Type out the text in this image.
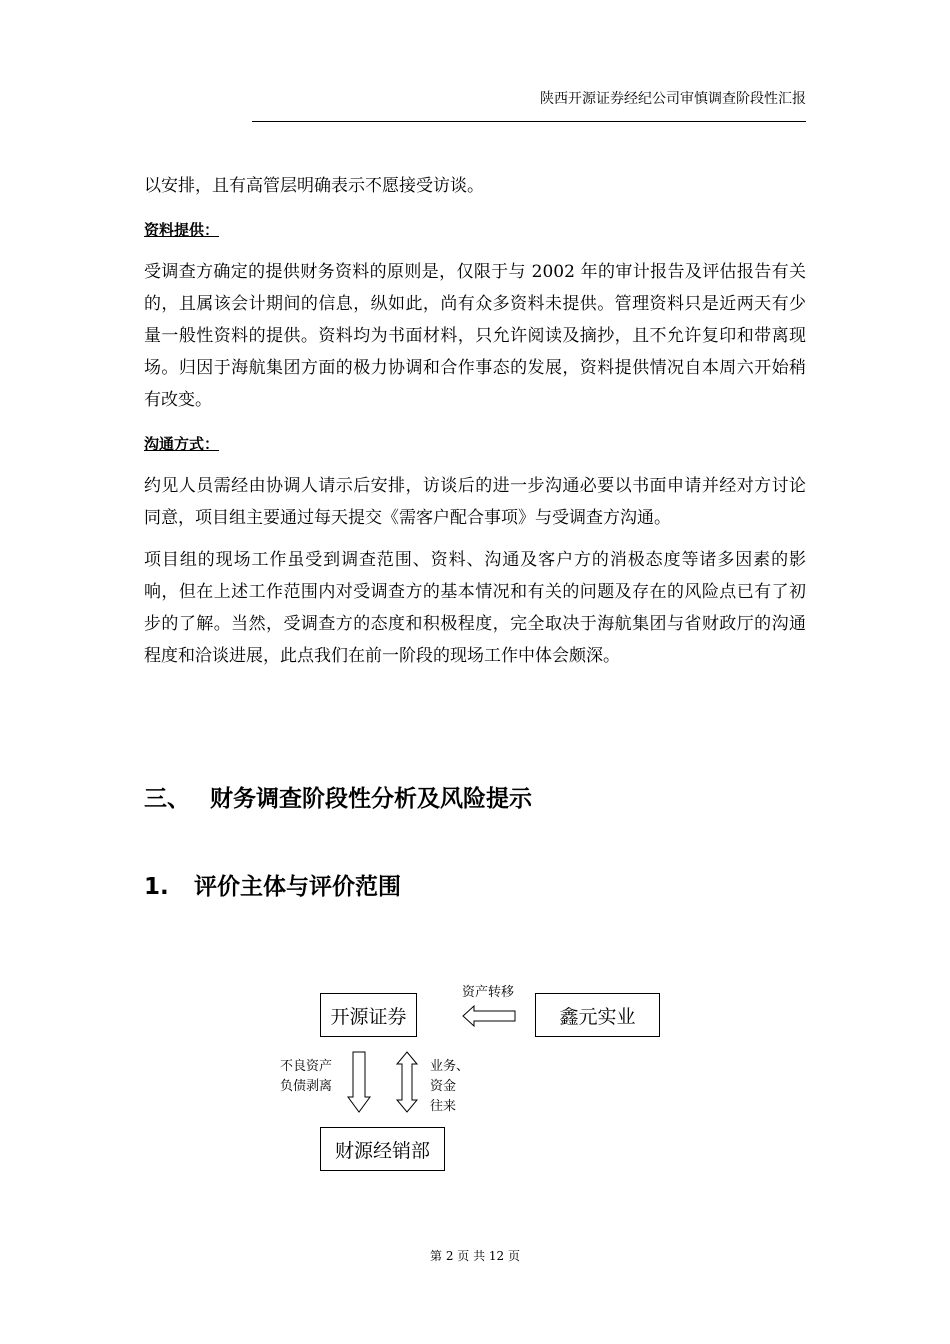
陕西开源证券经纪公司审慎调查阶段性汇报

以安排，且有高管层明确表示不愿接受访谈。

资料提供：

受调查方确定的提供财务资料的原则是，仅限于与 2002 年的审计报告及评估报告有关的，且属该会计期间的信息，纵如此，尚有众多资料未提供。管理资料只是近两天有少量一般性资料的提供。资料均为书面材料，只允许阅读及摘抄，且不允许复印和带离现场。归因于海航集团方面的极力协调和合作事态的发展，资料提供情况自本周六开始稍有改变。

沟通方式：

约见人员需经由协调人请示后安排，访谈后的进一步沟通必要以书面申请并经对方讨论同意，项目组主要通过每天提交《需客户配合事项》与受调查方沟通。

项目组的现场工作虽受到调查范围、资料、沟通及客户方的消极态度等诸多因素的影响，但在上述工作范围内对受调查方的基本情况和有关的问题及存在的风险点已有了初步的了解。当然，受调查方的态度和积极程度，完全取决于海航集团与省财政厅的沟通程度和洽谈进展，此点我们在前一阶段的现场工作中体会颇深。

三、 财务调查阶段性分析及风险提示
1. 评价主体与评价范围
开源证券	鑫元实业
财源经销部
资产转移
不良资产
负债剥离
业务、
资金
往来
第 2 页 共 12 页
